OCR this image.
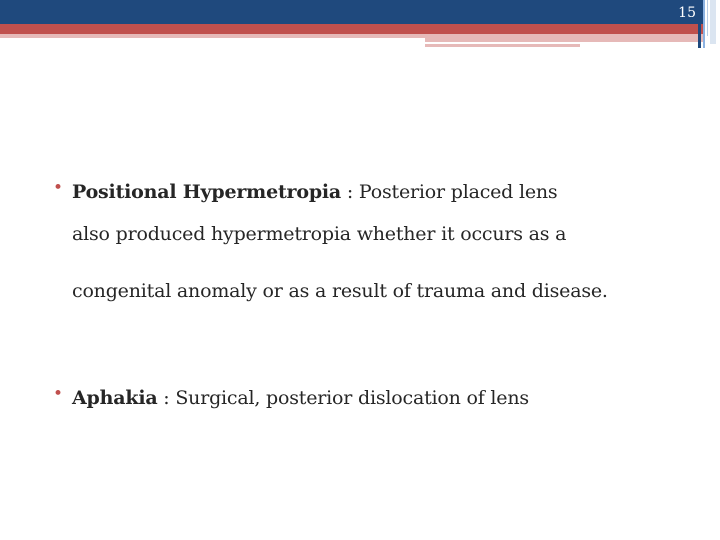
15
• Positional Hypermetropia : Posterior placed lens
also produced hypermetropia whether it occurs as a
congenital anomaly or as a result of trauma and disease.
• Aphakia : Surgical, posterior dislocation of lens
